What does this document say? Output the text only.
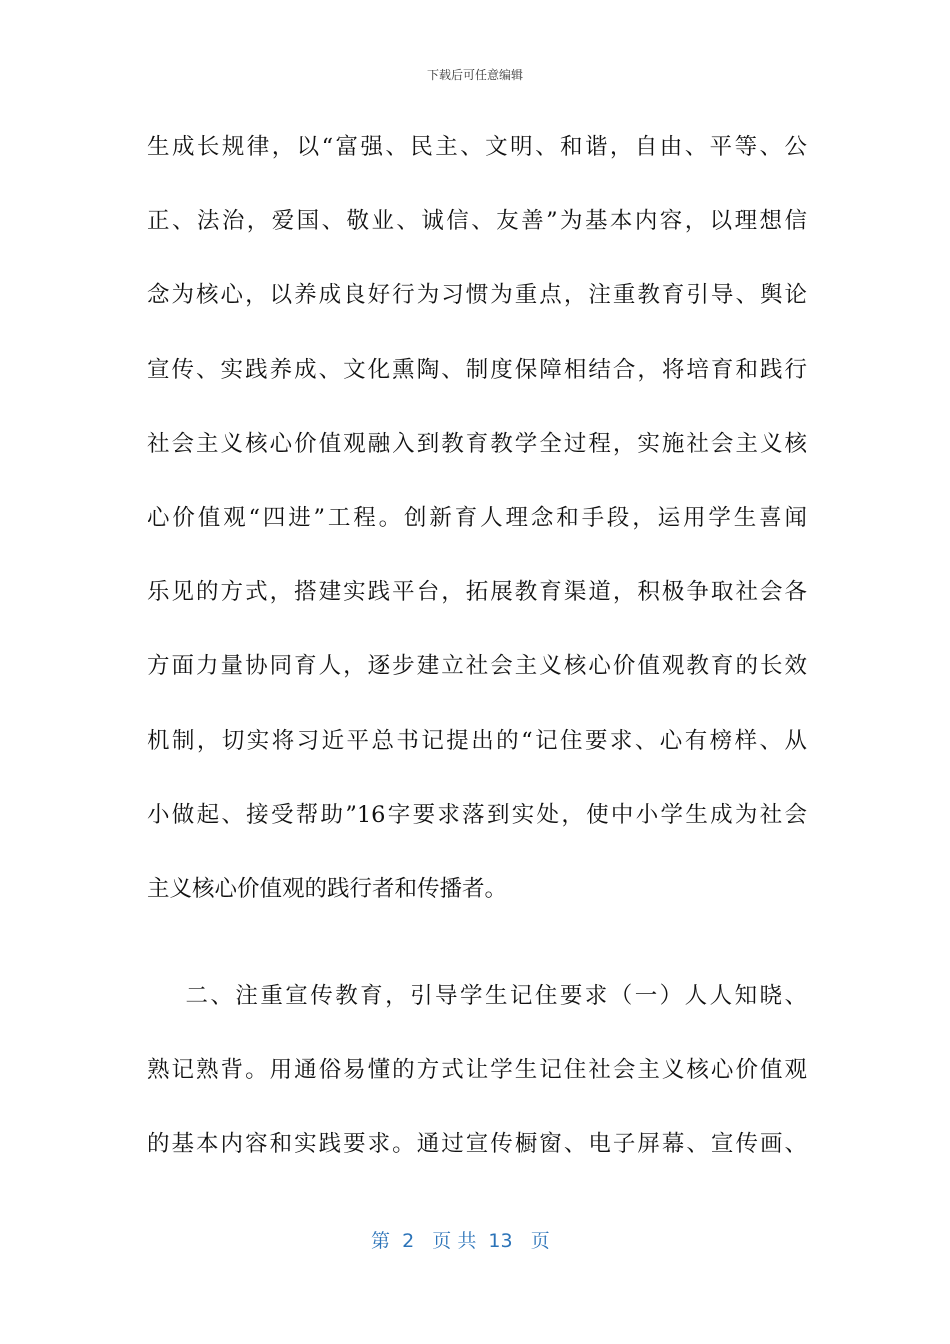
下载后可任意编辑
生成长规律，以“富强、民主、文明、和谐，自由、平等、公
正、法治，爱国、敬业、诚信、友善”为基本内容，以理想信
念为核心，以养成良好行为习惯为重点，注重教育引导、舆论
宣传、实践养成、文化熏陶、制度保障相结合，将培育和践行
社会主义核心价值观融入到教育教学全过程，实施社会主义核
心价值观“四进”工程。创新育人理念和手段，运用学生喜闻
乐见的方式，搭建实践平台，拓展教育渠道，积极争取社会各
方面力量协同育人，逐步建立社会主义核心价值观教育的长效
机制，切实将习近平总书记提出的“记住要求、心有榜样、从
小做起、接受帮助”16字要求落到实处，使中小学生成为社会
主义核心价值观的践行者和传播者。
二、注重宣传教育，引导学生记住要求（一）人人知晓、
熟记熟背。用通俗易懂的方式让学生记住社会主义核心价值观
的基本内容和实践要求。通过宣传橱窗、电子屏幕、宣传画、
第  2   页 共  13   页
